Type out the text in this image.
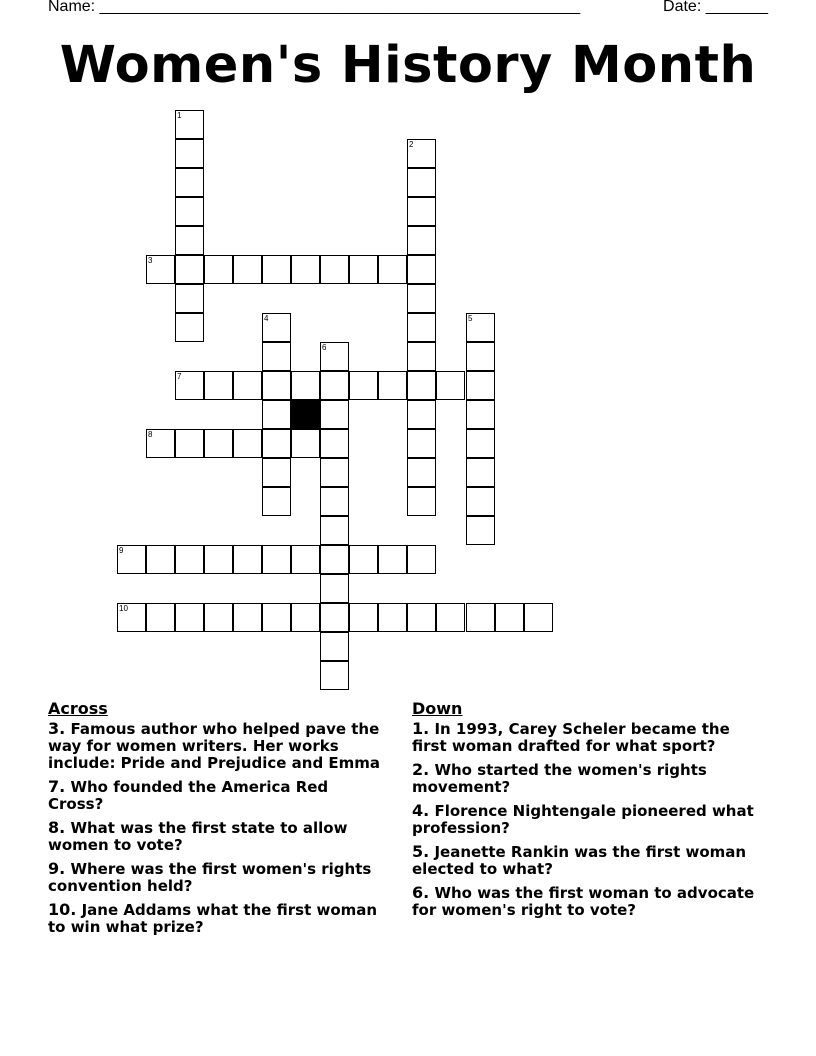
Name: ______________________________________________________	Date: _______
Women's History Month
1
3
2
4	5
6
7
8
9
10
Across
3. Famous author who helped pave the way for women writers. Her works include: Pride and Prejudice and Emma
7. Who founded the America Red Cross?
8. What was the first state to allow women to vote?
9. Where was the first women's rights convention held?
10. Jane Addams what the first woman to win what prize?
Down
1. In 1993, Carey Scheler became the first woman drafted for what sport?
2. Who started the women's rights movement?
4. Florence Nightengale pioneered what profession?
5. Jeanette Rankin was the first woman elected to what?
6. Who was the first woman to advocate for women's right to vote?
